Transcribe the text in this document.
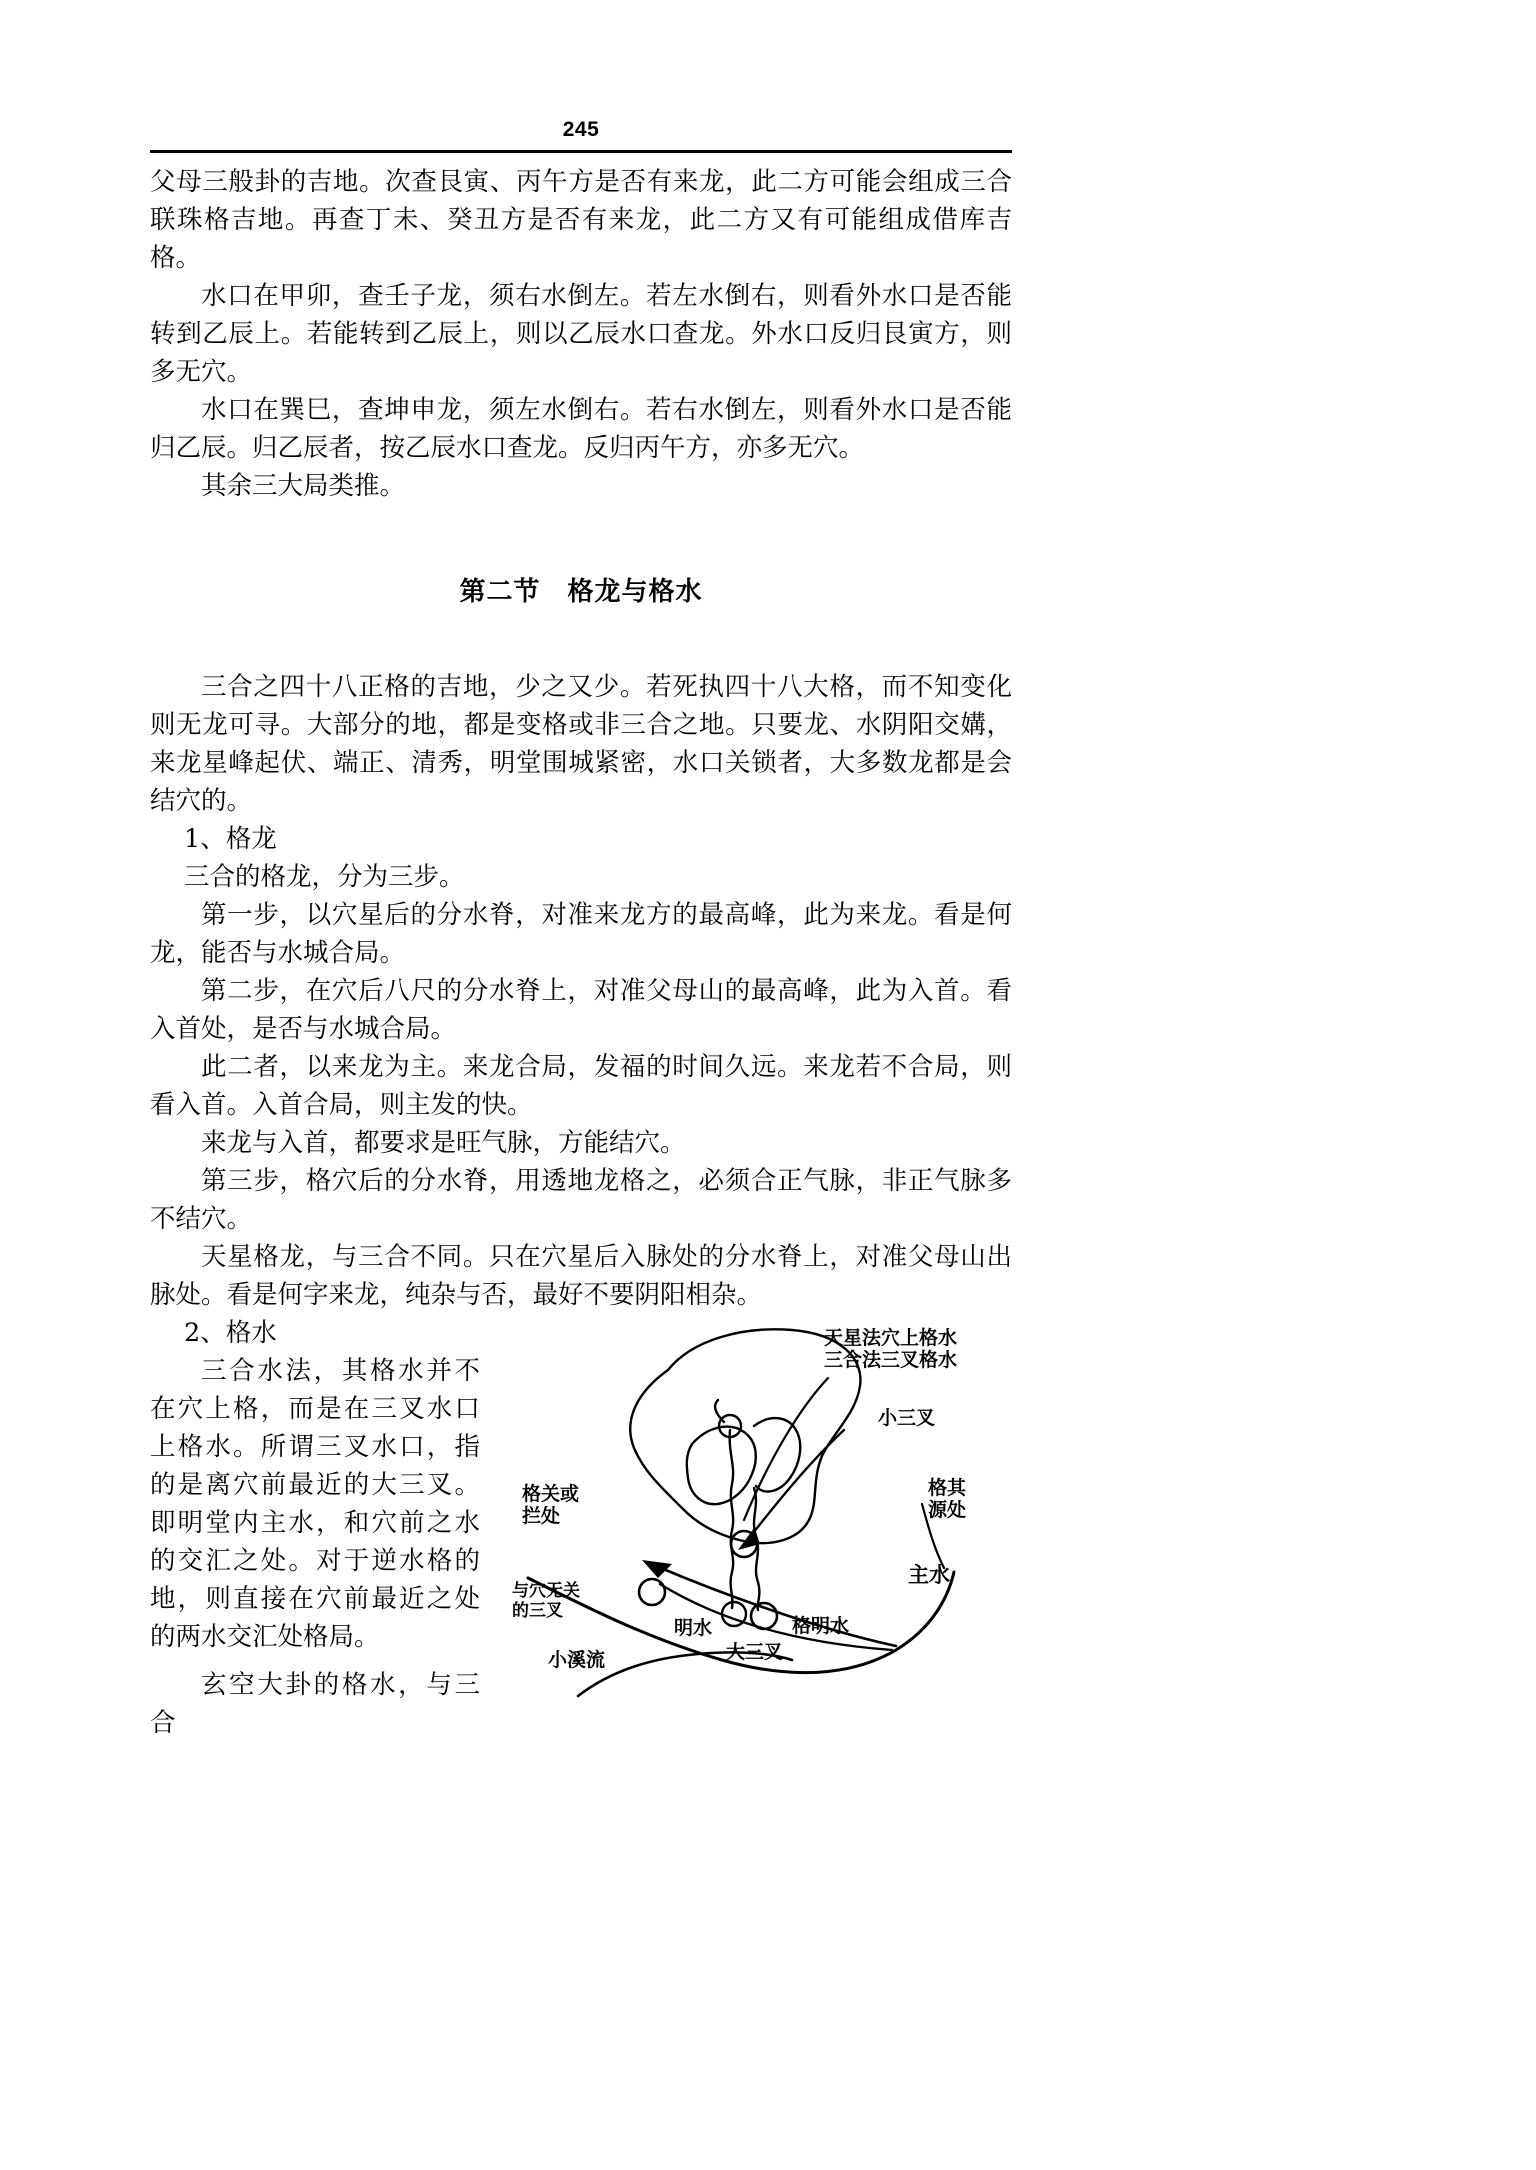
245

父母三般卦的吉地。次查艮寅、丙午方是否有来龙，此二方可能会组成三合联珠格吉地。再查丁未、癸丑方是否有来龙，此二方又有可能组成借库吉格。

水口在甲卯，查壬子龙，须右水倒左。若左水倒右，则看外水口是否能转到乙辰上。若能转到乙辰上，则以乙辰水口查龙。外水口反归艮寅方，则多无穴。

水口在巽巳，查坤申龙，须左水倒右。若右水倒左，则看外水口是否能归乙辰。归乙辰者，按乙辰水口查龙。反归丙午方，亦多无穴。

其余三大局类推。

第二节　格龙与格水

三合之四十八正格的吉地，少之又少。若死执四十八大格，而不知变化则无龙可寻。大部分的地，都是变格或非三合之地。只要龙、水阴阳交媾，来龙星峰起伏、端正、清秀，明堂围城紧密，水口关锁者，大多数龙都是会结穴的。

1、格龙

三合的格龙，分为三步。

第一步，以穴星后的分水脊，对准来龙方的最高峰，此为来龙。看是何龙，能否与水城合局。

第二步，在穴后八尺的分水脊上，对准父母山的最高峰，此为入首。看入首处，是否与水城合局。

此二者，以来龙为主。来龙合局，发福的时间久远。来龙若不合局，则看入首。入首合局，则主发的快。

来龙与入首，都要求是旺气脉，方能结穴。

第三步，格穴后的分水脊，用透地龙格之，必须合正气脉，非正气脉多不结穴。

天星格龙，与三合不同。只在穴星后入脉处的分水脊上，对准父母山出脉处。看是何字来龙，纯杂与否，最好不要阴阳相杂。

天星法穴上格水
三合法三叉格水
小三叉
格其
源处
主水
格明水
明水
大三叉
小溪流
与穴无关
的三叉
格关或
拦处

2、格水

三合水法，其格水并不在穴上格，而是在三叉水口上格水。所谓三叉水口，指的是离穴前最近的大三叉。即明堂内主水，和穴前之水的交汇之处。对于逆水格的地，则直接在穴前最近之处的两水交汇处格局。

玄空大卦的格水，与三合
